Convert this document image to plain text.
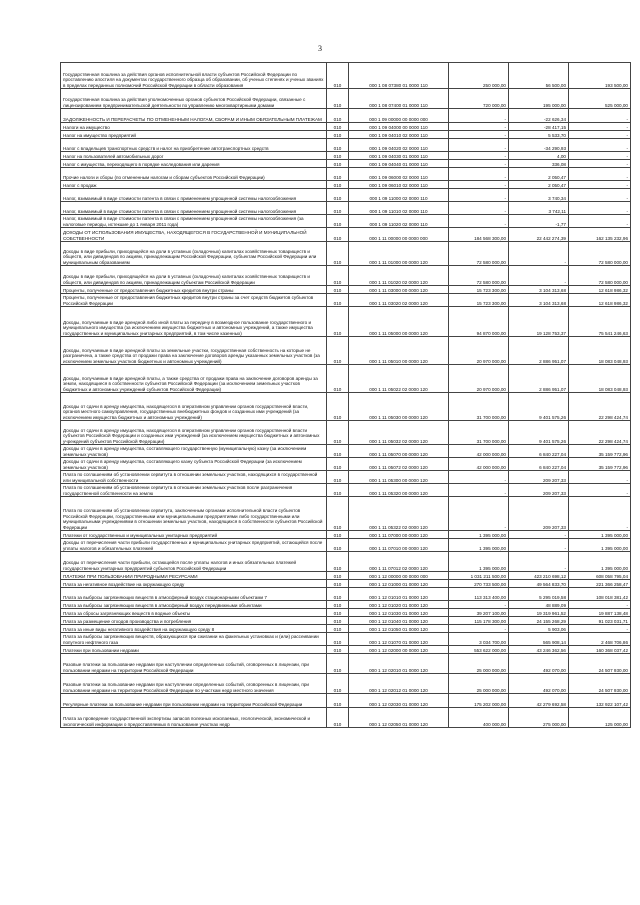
3
Государственная пошлина за действия органов исполнительной власти субъектов Российской Федерации по проставлению апостиля на документах государственного образца об образовании, об ученых степенях и ученых званиях в пределах переданных полномочий Российской Федерации в области образования	010	000 1 08 07380 01 0000 110	250 000,00	56 500,00	193 500,00
Государственная пошлина за действия уполномоченных органов субъектов Российской Федерации, связанные с лицензированием предпринимательской деятельности по управлению многоквартирными домами	010	000 1 08 07400 01 0000 110	720 000,00	195 000,00	525 000,00
ЗАДОЛЖЕННОСТЬ И ПЕРЕРАСЧЕТЫ ПО ОТМЕНЕННЫМ НАЛОГАМ, СБОРАМ И ИНЫМ ОБЯЗАТЕЛЬНЫМ ПЛАТЕЖАМ	010	000 1 09 00000 00 0000 000	-	-22 626,34	-
Налоги на имущество	010	000 1 09 04000 00 0000 110	-	-28 417,15	-
Налог на имущество предприятий	010	000 1 09 04010 02 0000 110	-	5 533,70	-
Налог с владельцев транспортных средств и налог на приобретение автотранспортных средств	010	000 1 09 04020 02 0000 110	-	-34 290,93	-
Налог на пользователей автомобильных дорог	010	000 1 09 04030 01 0000 110	-	4,00	-
Налог с имущества, переходящего в порядке наследования или дарения	010	000 1 09 04040 01 0000 110	-	336,08	-
Прочие налоги и сборы (по отмененным налогам и сборам субъектов Российской Федерации)	010	000 1 09 06000 02 0000 110	-	2 050,47	-
Налог с продаж	010	000 1 09 06010 02 0000 110	-	2 050,47	-
Налог, взимаемый в виде стоимости патента в связи с применением упрощенной системы налогообложения	010	000 1 09 11000 02 0000 110	-	3 740,34	-
Налог, взимаемый в виде стоимости патента в связи с применением упрощенной системы налогообложения	010	000 1 09 11010 02 0000 110	-	3 742,11	-
Налог, взимаемый в виде стоимости патента в связи с применением упрощенной системы налогообложения (за налоговые периоды, истекшие до 1 января 2011 года)	010	000 1 09 11020 02 0000 110	-	-1,77	-
ДОХОДЫ ОТ ИСПОЛЬЗОВАНИЯ ИМУЩЕСТВА, НАХОДЯЩЕГОСЯ В ГОСУДАРСТВЕННОЙ И МУНИЦИПАЛЬНОЙ СОБСТВЕННОСТИ	010	000 1 11 00000 00 0000 000	184 568 300,00	22 442 274,39	162 135 232,96
Доходы в виде прибыли, приходящейся на доли в уставных (складочных) капиталах хозяйственных товариществ и обществ, или дивидендов по акциям, принадлежащим Российской Федерации, субъектам Российской Федерации или муниципальным образованиям	010	000 1 11 01000 00 0000 120	72 580 000,00	-	72 580 000,00
Доходы в виде прибыли, приходящейся на доли в уставных (складочных) капиталах хозяйственных товариществ и обществ, или дивидендов по акциям, принадлежащим субъектам Российской Федерации	010	000 1 11 01020 02 0000 120	72 580 000,00	-	72 580 000,00
Проценты, полученные от предоставления бюджетных кредитов внутри страны	010	000 1 11 03000 00 0000 120	15 723 300,00	3 104 313,68	12 618 986,32
Проценты, полученные от предоставления бюджетных кредитов внутри страны за счет средств бюджетов субъектов Российской Федерации	010	000 1 11 03020 02 0000 120	15 723 300,00	3 104 313,68	12 618 986,32
Доходы, получаемые в виде арендной либо иной платы за передачу в возмездное пользование государственного и муниципального имущества (за исключением имущества бюджетных и автономных учреждений, а также имущества государственных и муниципальных унитарных предприятий, в том числе казенных)	010	000 1 11 05000 00 0000 120	94 870 000,00	19 128 753,37	75 541 246,63
Доходы, получаемые в виде арендной платы за земельные участки, государственная собственность на которые не разграничена, а также средства от продажи права на заключение договоров аренды указанных земельных участков (за исключением земельных участков бюджетных и автономных учреждений)	010	000 1 11 05010 00 0000 120	20 970 000,00	2 886 951,07	18 083 048,93
Доходы, получаемые в виде арендной платы, а также средства от продажи права на заключение договоров аренды за земли, находящиеся в собственности субъектов Российской Федерации (за исключением земельных участков бюджетных и автономных учреждений субъектов Российской Федерации)	010	000 1 11 05022 02 0000 120	20 970 000,00	2 886 951,07	18 083 048,93
Доходы от сдачи в аренду имущества, находящегося в оперативном управлении органов государственной власти, органов местного самоуправления, государственных внебюджетных фондов и созданных ими учреждений (за исключением имущества бюджетных и автономных учреждений)	010	000 1 11 05030 00 0000 120	31 700 000,00	9 401 575,26	22 298 424,74
Доходы от сдачи в аренду имущества, находящегося в оперативном управлении органов государственной власти субъектов Российской Федерации и созданных ими учреждений (за исключением имущества бюджетных и автономных учреждений субъектов Российской Федерации)	010	000 1 11 05032 02 0000 120	31 700 000,00	9 401 575,26	22 298 424,74
Доходы от сдачи в аренду имущества, составляющего государственную (муниципальную) казну (за исключением земельных участков)	010	000 1 11 05070 00 0000 120	42 000 000,00	6 840 227,04	35 159 772,96
Доходы от сдачи в аренду имущества, составляющего казну субъекта Российской Федерации (за исключением земельных участков)	010	000 1 11 05072 02 0000 120	42 000 000,00	6 840 227,04	35 159 772,96
Плата по соглашениям об установлении сервитута в отношении земельных участков, находящихся в государственной или муниципальной собственности	010	000 1 11 05300 00 0000 120	-	209 207,33	-
Плата по соглашениям об установлении сервитута в отношении земельных участков после разграничения государственной собственности на землю	010	000 1 11 05320 00 0000 120	-	209 207,33	-
Плата по соглашениям об установлении сервитута, заключенным органами исполнительной власти субъектов Российской Федерации, государственными или муниципальными предприятиями либо государственными или муниципальными учреждениями в отношении земельных участков, находящихся в собственности субъектов Российской Федерации	010	000 1 11 05322 02 0000 120	-	209 207,33	-
Платежи от государственных и муниципальных унитарных предприятий	010	000 1 11 07000 00 0000 120	1 395 000,00	-	1 395 000,00
Доходы от перечисления части прибыли государственных и муниципальных унитарных предприятий, остающейся после уплаты налогов и обязательных платежей	010	000 1 11 07010 00 0000 120	1 395 000,00	-	1 395 000,00
Доходы от перечисления части прибыли, остающейся после уплаты налогов и иных обязательных платежей государственных унитарных предприятий субъектов Российской Федерации	010	000 1 11 07012 02 0000 120	1 395 000,00	-	1 395 000,00
ПЛАТЕЖИ ПРИ ПОЛЬЗОВАНИИ ПРИРОДНЫМИ РЕСУРСАМИ	010	000 1 12 00000 00 0000 000	1 031 211 500,00	423 210 698,12	608 058 795,04
Плата за негативное воздействие на окружающую среду	010	000 1 12 01000 01 0000 120	270 733 500,00	49 564 833,70	221 366 258,47
Плата за выбросы загрязняющих веществ в атмосферный воздух стационарными объектами 7	010	000 1 12 01010 01 0000 120	113 313 400,00	5 295 019,58	108 018 381,42
Плата за выбросы загрязняющих веществ в атмосферный воздух передвижными объектами	010	000 1 12 01020 01 0000 120	-	48 889,09	-
Плата за сбросы загрязняющих веществ в водные объекты	010	000 1 12 01030 01 0000 120	39 207 100,00	19 319 961,52	19 887 138,48
Плата за размещение отходов производства и потребления	010	000 1 12 01040 01 0000 120	115 178 300,00	24 155 268,29	91 023 031,71
Плата за иные виды негативного воздействия на окружающую среду 8	010	000 1 12 01050 01 0000 120	-	5 903,06	-
Плата за выбросы загрязняющих веществ, образующихся при сжигании на факельных установках и (или) рассеивании попутного нефтяного газа	010	000 1 12 01070 01 0000 120	3 034 700,00	565 908,14	2 468 706,86
Платежи при пользовании недрами	010	000 1 12 02000 00 0000 120	553 622 000,00	43 246 362,56	160 368 037,42
Разовые платежи за пользование недрами при наступлении определенных событий, оговоренных в лицензии, при пользовании недрами на территории Российской Федерации	010	000 1 12 02010 01 0000 120	25 000 000,00	492 070,00	24 507 930,00
Разовые платежи за пользование недрами при наступлении определенных событий, оговоренных в лицензии, при пользовании недрами на территории Российской Федерации по участкам недр местного значения	010	000 1 12 02012 01 0000 120	25 000 000,00	492 070,00	24 507 930,00
Регулярные платежи за пользование недрами при пользовании недрами на территории Российской Федерации	010	000 1 12 02030 01 0000 120	175 202 000,00	42 279 692,58	132 922 107,42
Плата за проведение государственной экспертизы запасов полезных ископаемых, геологической, экономической и экологической информации о предоставляемых в пользование участках недр	010	000 1 12 02050 01 0000 120	400 000,00	275 000,00	125 000,00
